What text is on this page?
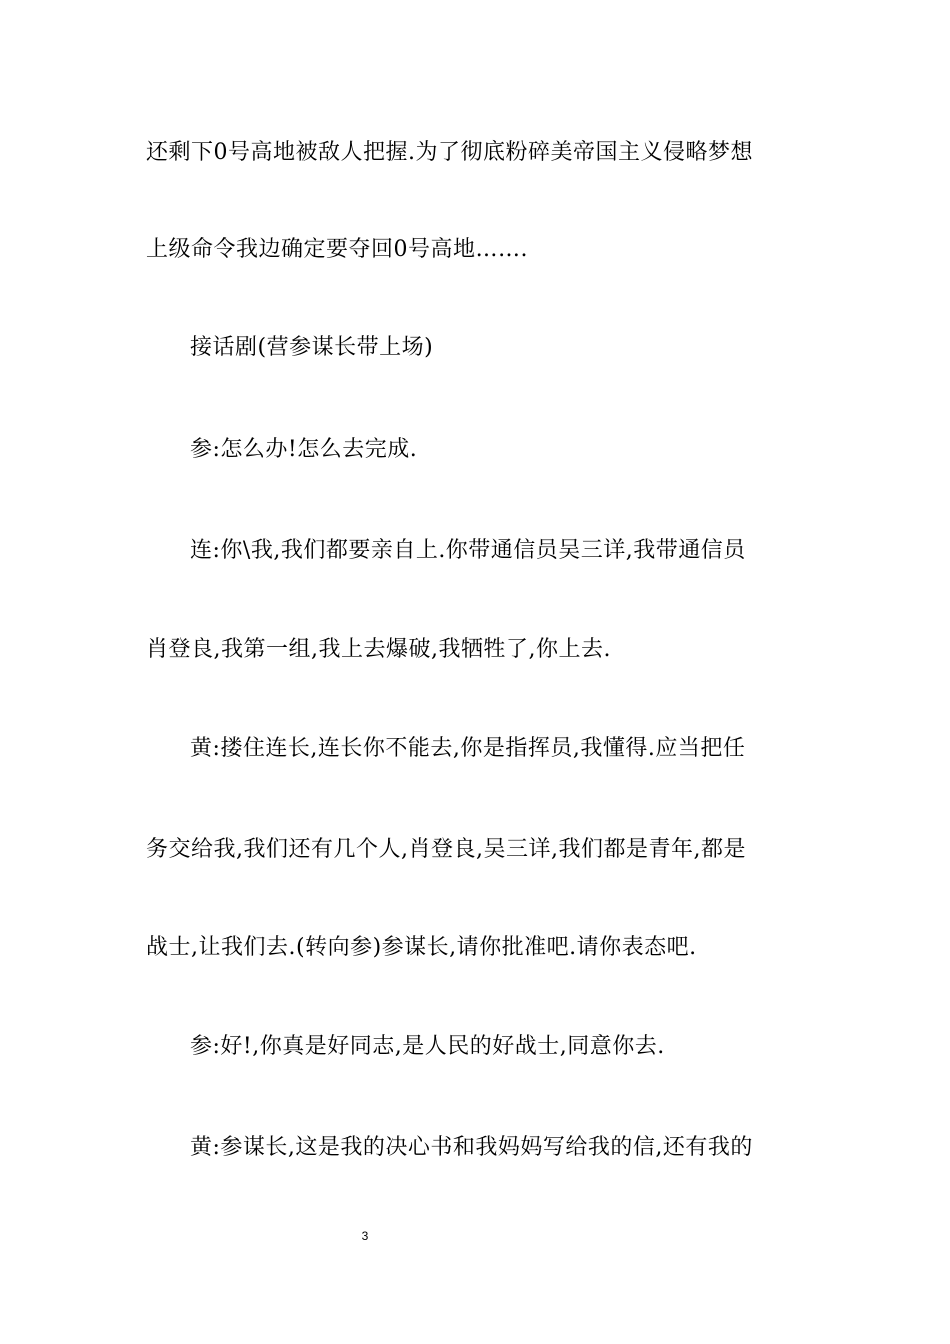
还剩下0号高地被敌人把握.为了彻底粉碎美帝国主义侵略梦想
上级命令我边确定要夺回0号高地…….
接话剧(营参谋长带上场)
参:怎么办!怎么去完成.
连:你\我,我们都要亲自上.你带通信员吴三详,我带通信员
肖登良,我第一组,我上去爆破,我牺牲了,你上去.
黄:搂住连长,连长你不能去,你是指挥员,我懂得.应当把任
务交给我,我们还有几个人,肖登良,吴三详,我们都是青年,都是
战士,让我们去.(转向参)参谋长,请你批准吧.请你表态吧.
参:好!,你真是好同志,是人民的好战士,同意你去.
黄:参谋长,这是我的决心书和我妈妈写给我的信,还有我的
3
